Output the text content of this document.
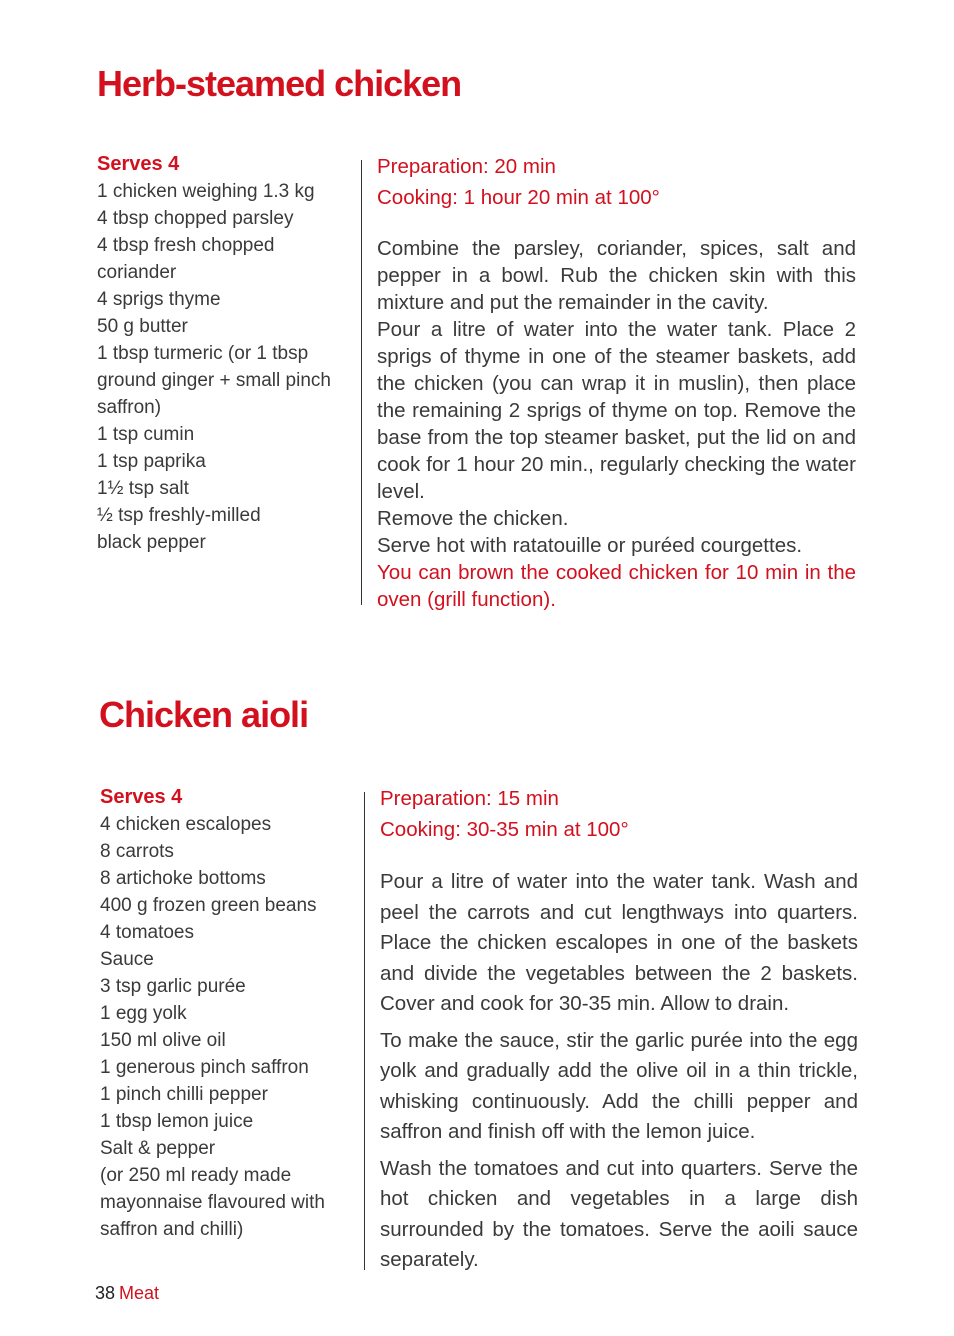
Herb-steamed chicken
Serves 4
1 chicken weighing 1.3 kg
4 tbsp chopped parsley
4 tbsp fresh chopped coriander
4 sprigs thyme
50 g butter
1 tbsp turmeric (or 1 tbsp ground ginger + small pinch saffron)
1 tsp cumin
1 tsp paprika
1½ tsp salt
½ tsp freshly-milled black pepper
Preparation: 20 min
Cooking: 1 hour 20 min at 100°

Combine the parsley, coriander, spices, salt and pepper in a bowl. Rub the chicken skin with this mixture and put the remainder in the cavity.

Pour a litre of water into the water tank. Place 2 sprigs of thyme in one of the steamer baskets, add the chicken (you can wrap it in muslin), then place the remaining 2 sprigs of thyme on top. Remove the base from the top steamer basket, put the lid on and cook for 1 hour 20 min., regularly checking the water level.

Remove the chicken.

Serve hot with ratatouille or puréed courgettes.

You can brown the cooked chicken for 10 min in the oven (grill function).

Chicken aioli
Serves 4
4 chicken escalopes
8 carrots
8 artichoke bottoms
400 g frozen green beans
4 tomatoes
Sauce
3 tsp garlic purée
1 egg yolk
150 ml olive oil
1 generous pinch saffron
1 pinch chilli pepper
1 tbsp lemon juice
Salt & pepper
(or 250 ml ready made mayonnaise flavoured with saffron and chilli)
Preparation: 15 min
Cooking: 30-35 min at 100°

Pour a litre of water into the water tank. Wash and peel the carrots and cut lengthways into quarters. Place the chicken escalopes in one of the baskets and divide the vegetables between the 2 baskets. Cover and cook for 30-35 min. Allow to drain.

To make the sauce, stir the garlic purée into the egg yolk and gradually add the olive oil in a thin trickle, whisking continuously. Add the chilli pepper and saffron and finish off with the lemon juice.

Wash the tomatoes and cut into quarters. Serve the hot chicken and vegetables in a large dish surrounded by the tomatoes. Serve the aoili sauce separately.

38 Meat
